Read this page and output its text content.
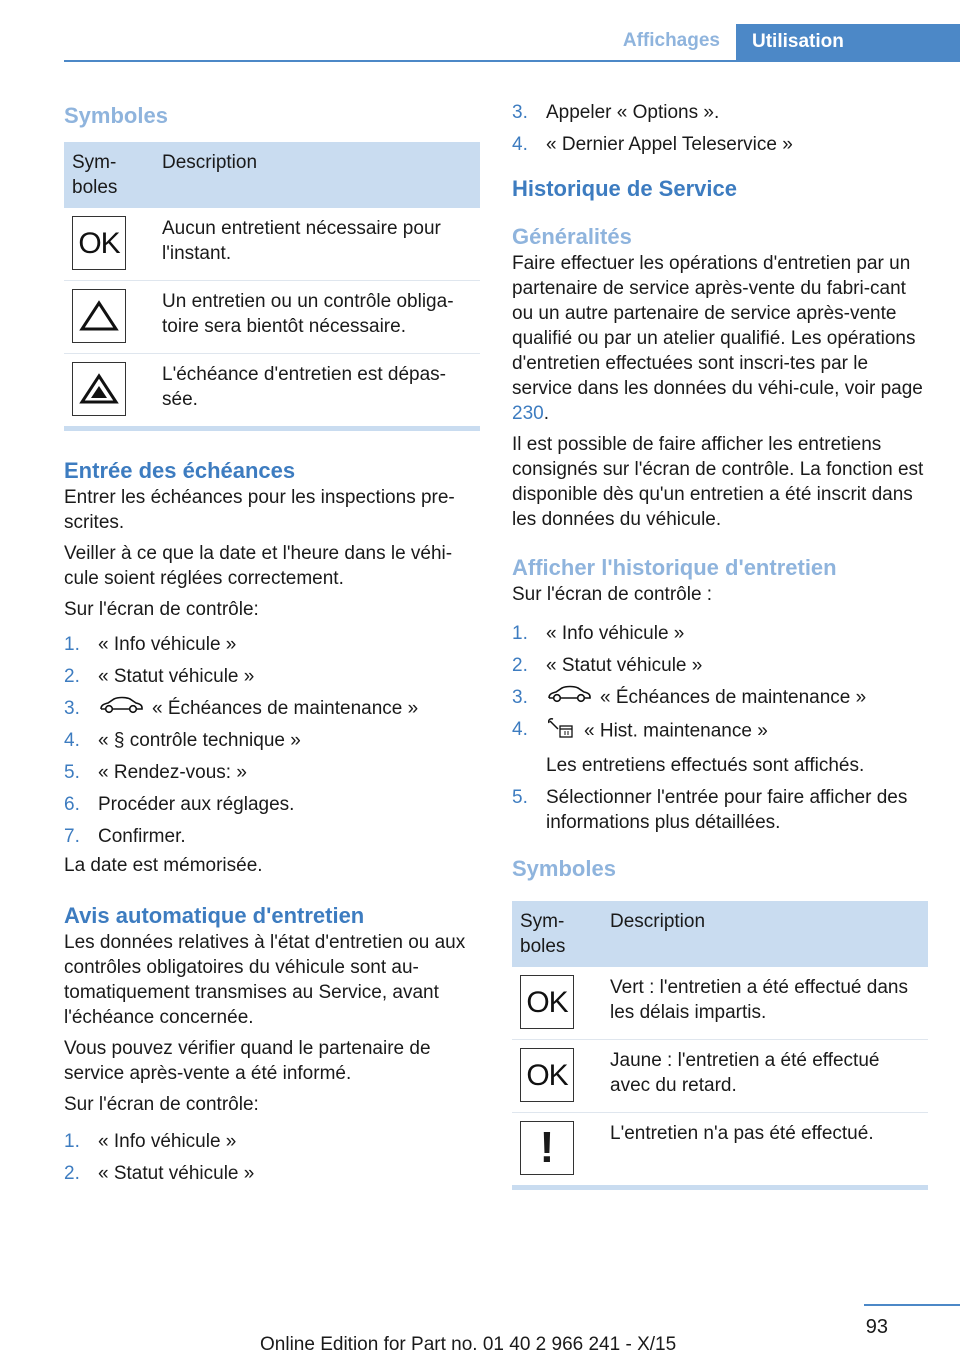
Affichages	Utilisation
Symboles
Sym-
boles	Description

OK	Aucun entretient nécessaire pour l'instant.

	Un entretien ou un contrôle obliga-toire sera bientôt nécessaire.

	L'échéance d'entretien est dépas-sée.
Entrée des échéances

Entrer les échéances pour les inspections pre-scrites.

Veiller à ce que la date et l'heure dans le véhi-cule soient réglées correctement.

Sur l'écran de contrôle:

1. « Info véhicule »
2. « Statut véhicule »
3.	« Échéances de maintenance »
4. « § contrôle technique »
5. « Rendez-vous: »
6. Procéder aux réglages.
7. Confirmer.

La date est mémorisée.

Avis automatique d'entretien

Les données relatives à l'état d'entretien ou aux contrôles obligatoires du véhicule sont au-tomatiquement transmises au Service, avant l'échéance concernée.

Vous pouvez vérifier quand le partenaire de service après-vente a été informé.

Sur l'écran de contrôle:

1. « Info véhicule »
2. « Statut véhicule »
3. Appeler « Options ».
4. « Dernier Appel Teleservice »
Historique de Service
Généralités

Faire effectuer les opérations d'entretien par un partenaire de service après-vente du fabri-cant ou un autre partenaire de service après-vente qualifié ou par un atelier qualifié. Les opérations d'entretien effectuées sont inscri-tes par le service dans les données du véhi-cule, voir page 230.

Il est possible de faire afficher les entretiens consignés sur l'écran de contrôle. La fonction est disponible dès qu'un entretien a été inscrit dans les données du véhicule.

Afficher l'historique d'entretien

Sur l'écran de contrôle :

1. « Info véhicule »
2. « Statut véhicule »
3.	« Échéances de maintenance »
4.	« Hist. maintenance »
Les entretiens effectués sont affichés.
5. Sélectionner l'entrée pour faire afficher des informations plus détaillées.
Symboles
Sym-
boles	Description

OK	Vert : l'entretien a été effectué dans les délais impartis.

OK	Jaune : l'entretien a été effectué avec du retard.

!	L'entretien n'a pas été effectué.
93
Online Edition for Part no. 01 40 2 966 241 - X/15
